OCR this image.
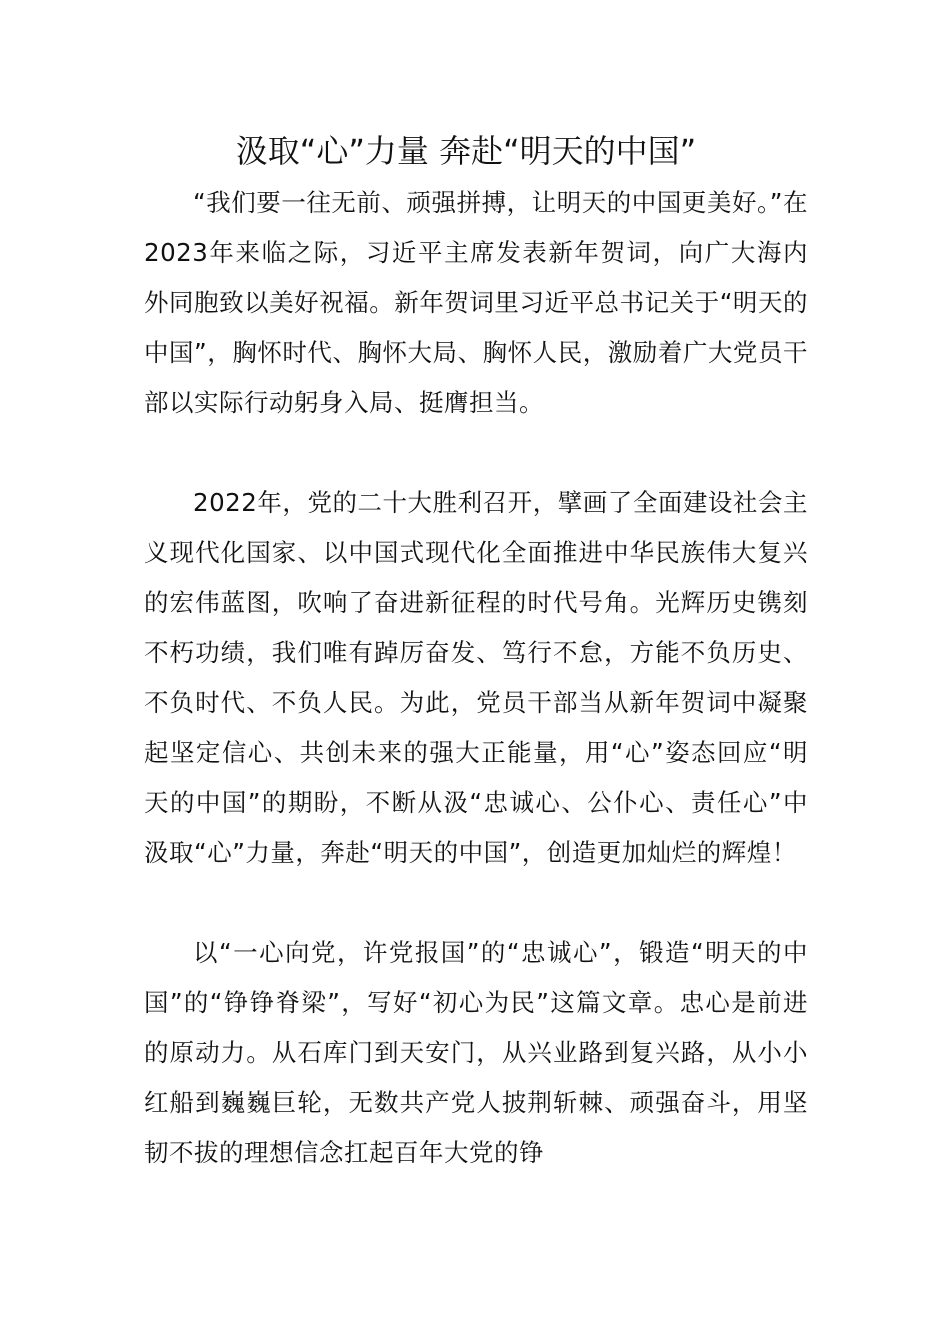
汲取“心”力量 奔赴“明天的中国”

“我们要一往无前、顽强拼搏，让明天的中国更美好。”在2023年来临之际，习近平主席发表新年贺词，向广大海内外同胞致以美好祝福。新年贺词里习近平总书记关于“明天的中国”，胸怀时代、胸怀大局、胸怀人民，激励着广大党员干部以实际行动躬身入局、挺膺担当。

2022年，党的二十大胜利召开，擘画了全面建设社会主义现代化国家、以中国式现代化全面推进中华民族伟大复兴的宏伟蓝图，吹响了奋进新征程的时代号角。光辉历史镌刻不朽功绩，我们唯有踔厉奋发、笃行不怠，方能不负历史、不负时代、不负人民。为此，党员干部当从新年贺词中凝聚起坚定信心、共创未来的强大正能量，用“心”姿态回应“明天的中国”的期盼，不断从汲“忠诚心、公仆心、责任心”中汲取“心”力量，奔赴“明天的中国”，创造更加灿烂的辉煌！

以“一心向党，许党报国”的“忠诚心”，锻造“明天的中国”的“铮铮脊梁”，写好“初心为民”这篇文章。忠心是前进的原动力。从石库门到天安门，从兴业路到复兴路，从小小红船到巍巍巨轮，无数共产党人披荆斩棘、顽强奋斗，用坚韧不拔的理想信念扛起百年大党的铮
